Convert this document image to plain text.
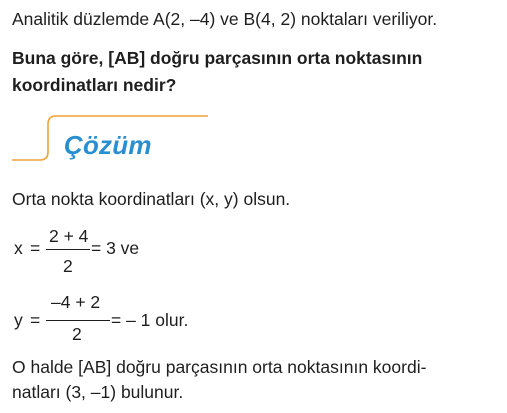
Analitik düzlemde A(2, –4) ve B(4, 2) noktaları veriliyor.
Buna göre, [AB] doğru parçasının orta noktasının
koordinatları nedir?
Çözüm
Orta nokta koordinatları (x, y) olsun.
x =
2 + 4
2
= 3 ve
y =
–4 + 2
2
= – 1 olur.
O halde [AB] doğru parçasının orta noktasının koordi-
natları (3, –1) bulunur.
